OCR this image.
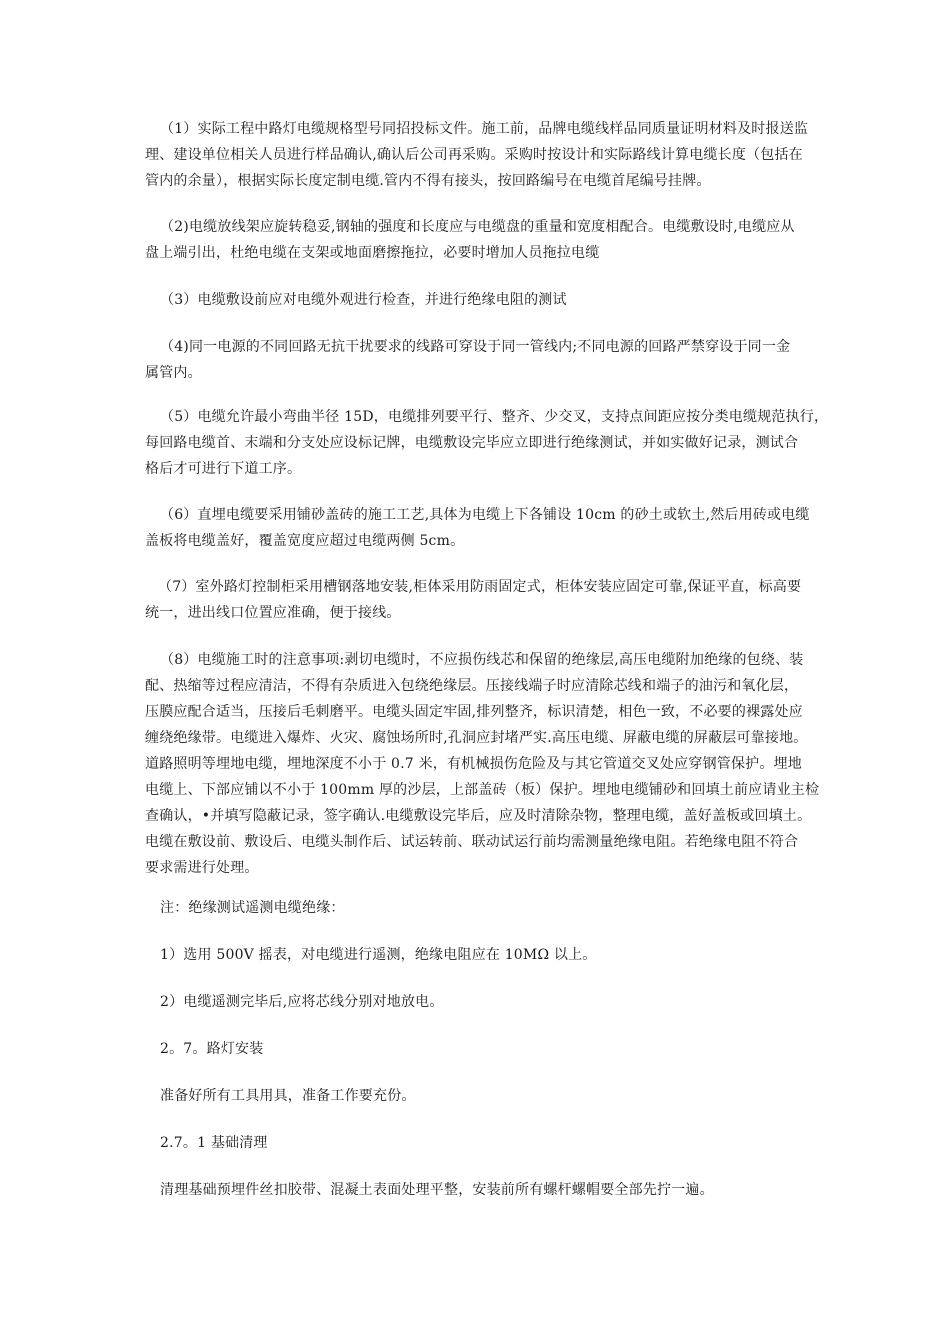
（1）实际工程中路灯电缆规格型号同招投标文件。施工前，品牌电缆线样品同质量证明材料及时报送监
理、建设单位相关人员进行样品确认,确认后公司再采购。采购时按设计和实际路线计算电缆长度（包括在
管内的余量），根据实际长度定制电缆.管内不得有接头，按回路编号在电缆首尾编号挂牌。
（2)电缆放线架应旋转稳妥,钢轴的强度和长度应与电缆盘的重量和宽度相配合。电缆敷设时,电缆应从
盘上端引出，杜绝电缆在支架或地面磨擦拖拉，必要时增加人员拖拉电缆
（3）电缆敷设前应对电缆外观进行检查，并进行绝缘电阻的测试
（4)同一电源的不同回路无抗干扰要求的线路可穿设于同一管线内;不同电源的回路严禁穿设于同一金
属管内。
（5）电缆允许最小弯曲半径 15D，电缆排列要平行、整齐、少交叉，支持点间距应按分类电缆规范执行，
每回路电缆首、末端和分支处应设标记牌，电缆敷设完毕应立即进行绝缘测试，并如实做好记录，测试合
格后才可进行下道工序。
（6）直埋电缆要采用铺砂盖砖的施工工艺,具体为电缆上下各铺设 10cm 的砂土或软土,然后用砖或电缆
盖板将电缆盖好，覆盖宽度应超过电缆两侧 5cm。
（7）室外路灯控制柜采用槽钢落地安装,柜体采用防雨固定式，柜体安装应固定可靠,保证平直，标高要
统一，进出线口位置应准确，便于接线。
（8）电缆施工时的注意事项:剥切电缆时，不应损伤线芯和保留的绝缘层,高压电缆附加绝缘的包绕、装
配、热缩等过程应清洁，不得有杂质进入包绕绝缘层。压接线端子时应清除芯线和端子的油污和氧化层，
压膜应配合适当，压接后毛刺磨平。电缆头固定牢固,排列整齐，标识清楚，相色一致，不必要的裸露处应
缠绕绝缘带。电缆进入爆炸、火灾、腐蚀场所时,孔洞应封堵严实.高压电缆、屏蔽电缆的屏蔽层可靠接地。
道路照明等埋地电缆，埋地深度不小于 0.7 米，有机械损伤危险及与其它管道交叉处应穿钢管保护。埋地
电缆上、下部应铺以不小于 100mm 厚的沙层，上部盖砖（板）保护。埋地电缆铺砂和回填土前应请业主检
查确认，•并填写隐蔽记录，签字确认.电缆敷设完毕后，应及时清除杂物，整理电缆，盖好盖板或回填土。
电缆在敷设前、敷设后、电缆头制作后、试运转前、联动试运行前均需测量绝缘电阻。若绝缘电阻不符合
要求需进行处理。
注：绝缘测试遥测电缆绝缘：
1）选用 500V 摇表，对电缆进行遥测，绝缘电阻应在 10MΩ 以上。
2）电缆遥测完毕后,应将芯线分别对地放电。
2。7。路灯安装
准备好所有工具用具，准备工作要充份。
2.7。1 基础清理
清理基础预埋件丝扣胶带、混凝土表面处理平整，安装前所有螺杆螺帽要全部先拧一遍。
